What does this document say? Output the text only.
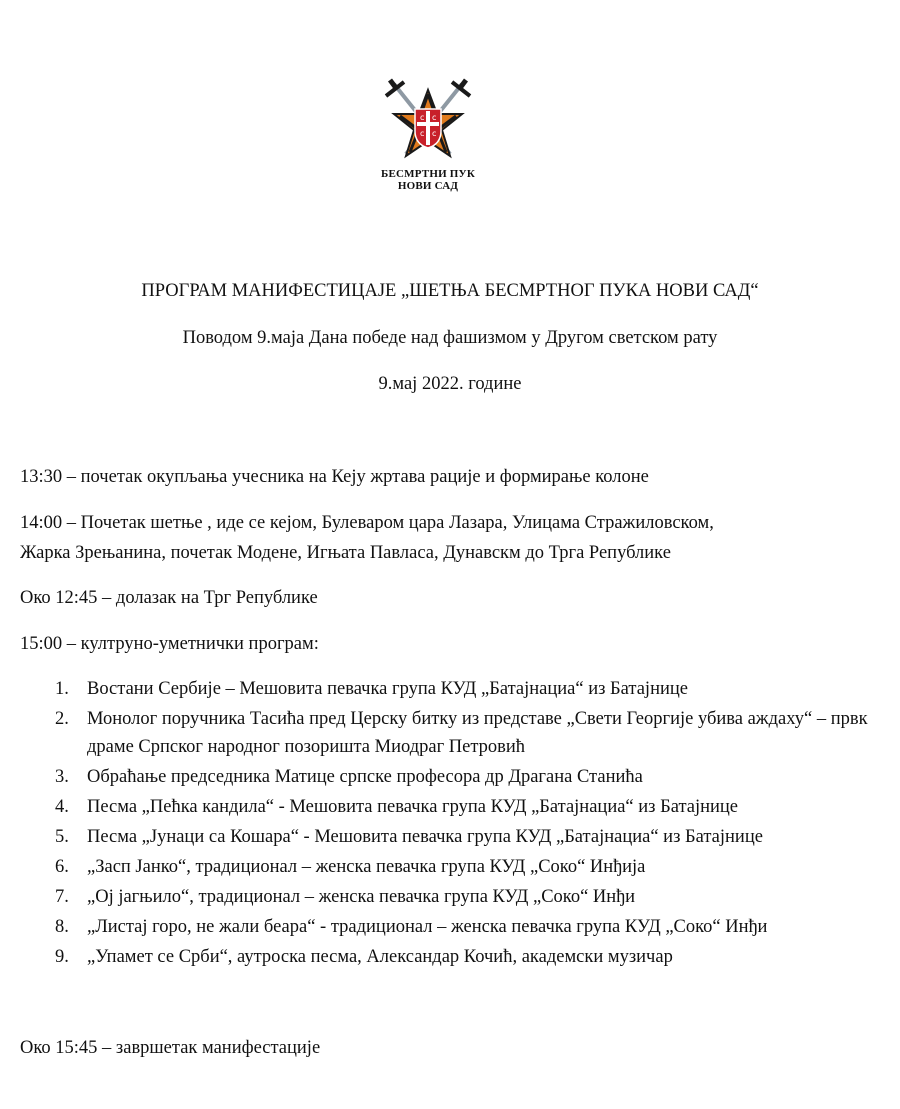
с с
с с
БЕСМРТНИ ПУК
НОВИ САД
ПРОГРАМ МАНИФЕСТИЦАЈЕ „ШЕТЊА БЕСМРТНОГ ПУКА НОВИ САД“
Поводом 9.маја Дана победе над фашизмом у Другом светском рату
9.мај 2022. године
13:30 – почетак окупљања учесника на Кеју жртава рације и формирање колоне
14:00 – Почетак шетње , иде се кејом, Булеваром цара Лазара, Улицама Стражиловском,
Жарка Зрењанина, почетак Модене, Игњата Павласа, Дунавскм до Трга Републике
Око 12:45 – долазак на Трг Републике
15:00 – култруно-уметнички програм:
1. Востани Сербије – Мешовита певачка група КУД „Батајнациа“ из Батајнице
2. Монолог поручника Тасића пред Церску битку из представе „Свети Георгије убива аждаху“ – првк драме Српског народног позоришта Миодраг Петровић
3. Обраћање председника Матице српске професора др Драгана Станића
4. Песма „Пећка кандила“ - Мешовита певачка група КУД „Батајнациа“ из Батајнице
5. Песма „Јунаци са Кошара“ - Мешовита певачка група КУД „Батајнациа“ из Батајнице
6. „Засп Јанко“, традиционал – женска певачка група КУД „Соко“ Инђија
7. „Ој јагњило“, традиционал – женска певачка група КУД „Соко“ Инђи
8. „Листај горо, не жали беара“ - традиционал – женска певачка група КУД „Соко“ Инђи
9. „Упамет се Срби“, аутроска песма, Александар Кочић, академски музичар
Око 15:45 – завршетак манифестације
